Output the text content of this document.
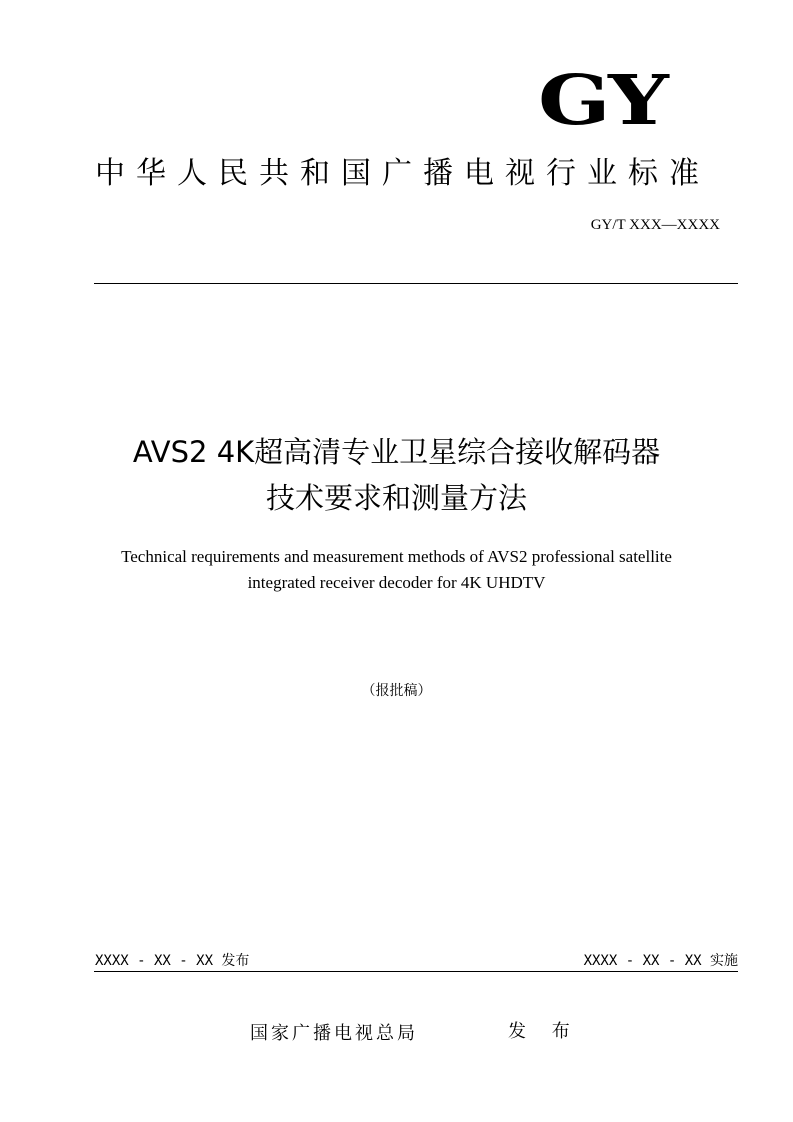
GY
中华人民共和国广播电视行业标准
GY/T XXX—XXXX
AVS2 4K超高清专业卫星综合接收解码器
技术要求和测量方法
Technical requirements and measurement methods of AVS2 professional satellite
integrated receiver decoder for 4K UHDTV
（报批稿）
XXXX - XX - XX 发布	XXXX - XX - XX 实施
国家广播电视总局	发 布
